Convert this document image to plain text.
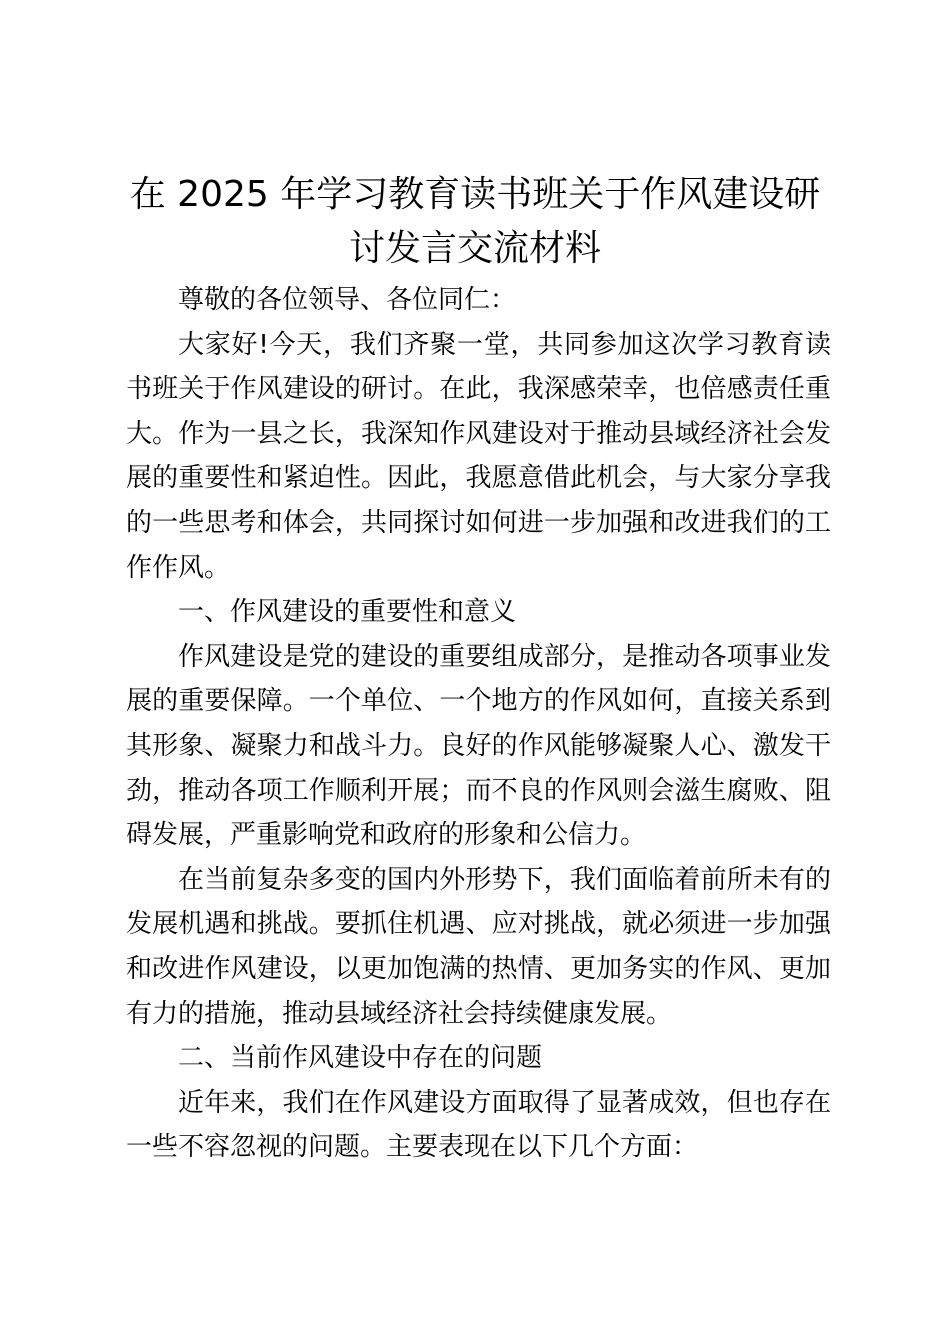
在 2025 年学习教育读书班关于作风建设研讨发言交流材料

尊敬的各位领导、各位同仁：

大家好!今天，我们齐聚一堂，共同参加这次学习教育读书班关于作风建设的研讨。在此，我深感荣幸，也倍感责任重大。作为一县之长，我深知作风建设对于推动县域经济社会发展的重要性和紧迫性。因此，我愿意借此机会，与大家分享我的一些思考和体会，共同探讨如何进一步加强和改进我们的工作作风。

一、作风建设的重要性和意义

作风建设是党的建设的重要组成部分，是推动各项事业发展的重要保障。一个单位、一个地方的作风如何，直接关系到其形象、凝聚力和战斗力。良好的作风能够凝聚人心、激发干劲，推动各项工作顺利开展；而不良的作风则会滋生腐败、阻碍发展，严重影响党和政府的形象和公信力。

在当前复杂多变的国内外形势下，我们面临着前所未有的发展机遇和挑战。要抓住机遇、应对挑战，就必须进一步加强和改进作风建设，以更加饱满的热情、更加务实的作风、更加有力的措施，推动县域经济社会持续健康发展。

二、当前作风建设中存在的问题

近年来，我们在作风建设方面取得了显著成效，但也存在一些不容忽视的问题。主要表现在以下几个方面：
